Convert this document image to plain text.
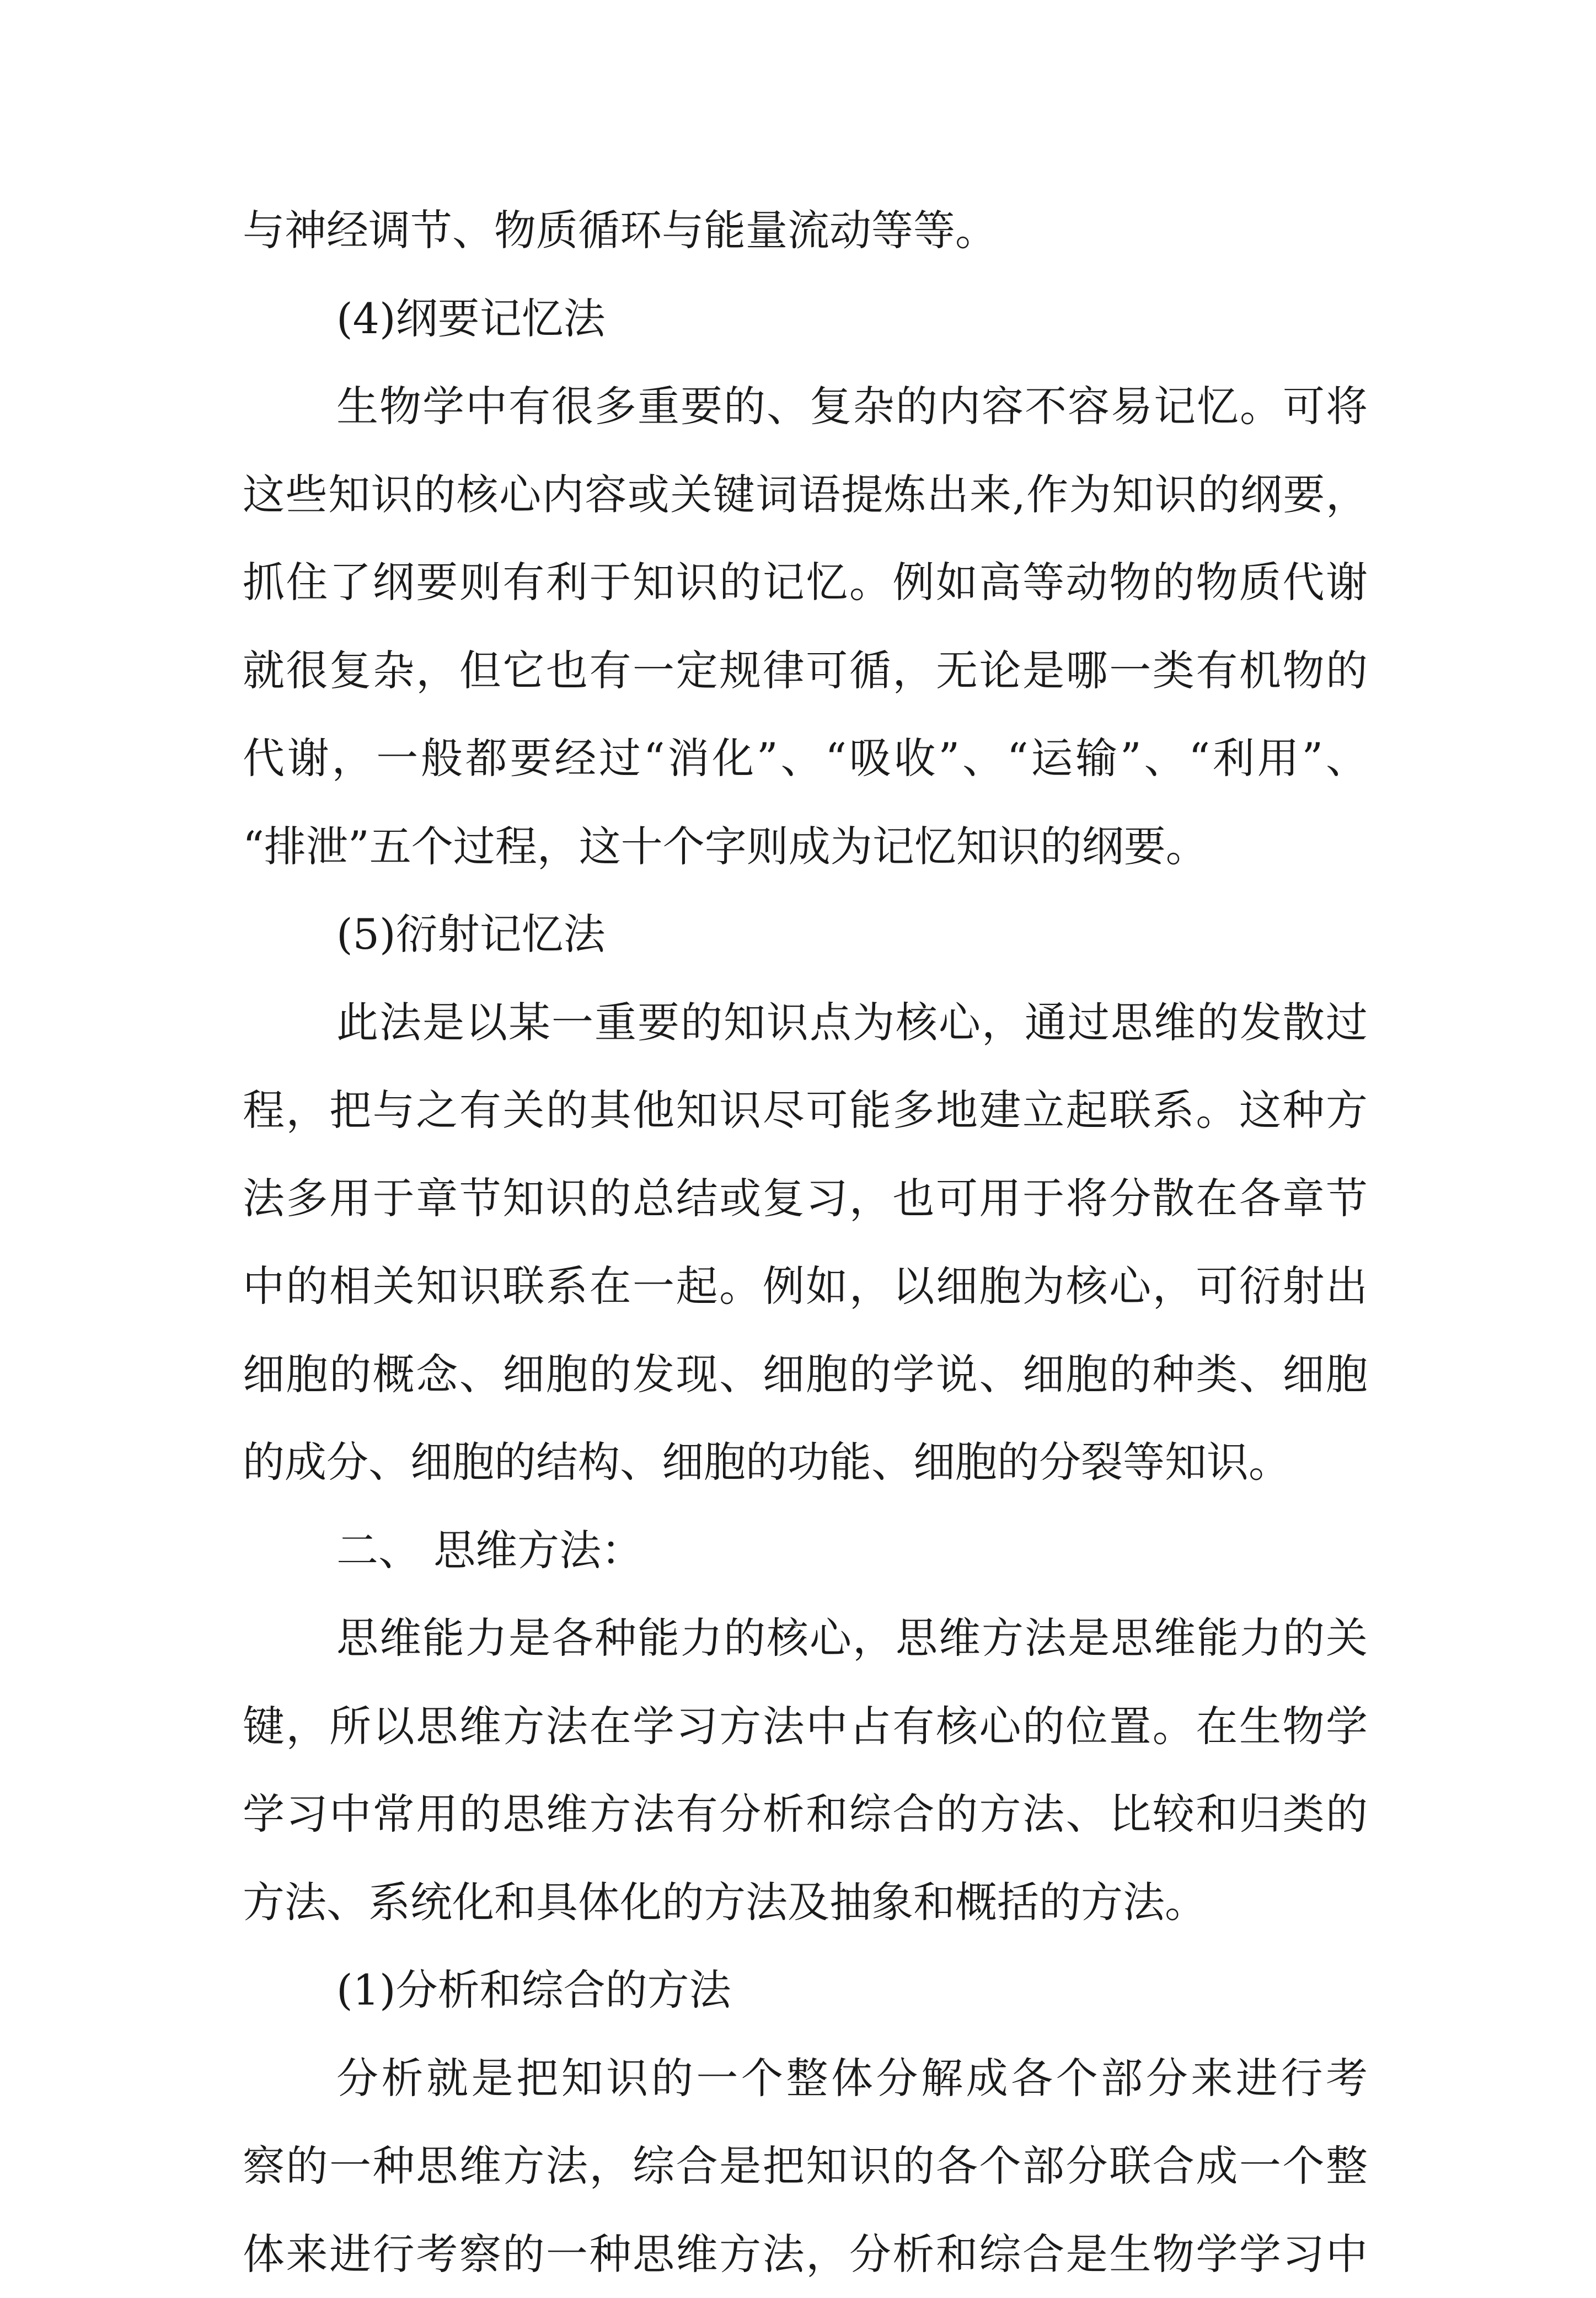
与神经调节、物质循环与能量流动等等。
(4)纲要记忆法
生物学中有很多重要的、复杂的内容不容易记忆。可将
这些知识的核心内容或关键词语提炼出来,作为知识的纲要，
抓住了纲要则有利于知识的记忆。例如高等动物的物质代谢
就很复杂，但它也有一定规律可循，无论是哪一类有机物的
代谢，一般都要经过“消化”、“吸收”、“运输”、“利用”、
“排泄”五个过程，这十个字则成为记忆知识的纲要。
(5)衍射记忆法
此法是以某一重要的知识点为核心，通过思维的发散过
程，把与之有关的其他知识尽可能多地建立起联系。这种方
法多用于章节知识的总结或复习，也可用于将分散在各章节
中的相关知识联系在一起。例如，以细胞为核心，可衍射出
细胞的概念、细胞的发现、细胞的学说、细胞的种类、细胞
的成分、细胞的结构、细胞的功能、细胞的分裂等知识。
二、 思维方法：
思维能力是各种能力的核心，思维方法是思维能力的关
键，所以思维方法在学习方法中占有核心的位置。在生物学
学习中常用的思维方法有分析和综合的方法、比较和归类的
方法、系统化和具体化的方法及抽象和概括的方法。
(1)分析和综合的方法
分析就是把知识的一个整体分解成各个部分来进行考
察的一种思维方法，综合是把知识的各个部分联合成一个整
体来进行考察的一种思维方法，分析和综合是生物学学习中
